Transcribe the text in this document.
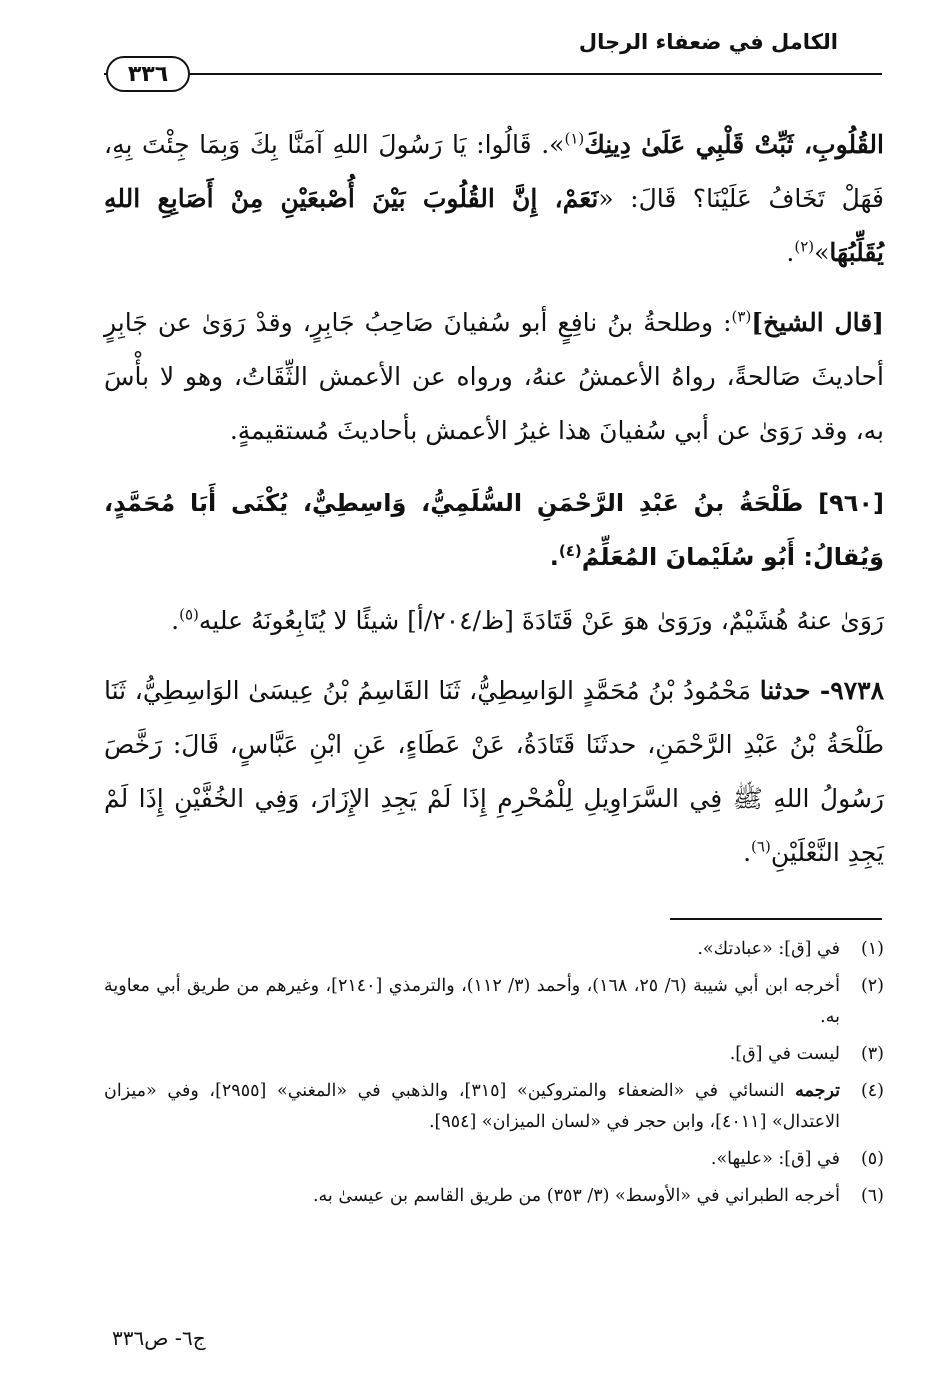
الكامل في ضعفاء الرجال
٣٣٦

القُلُوبِ، ثَبِّتْ قَلْبِي عَلَىٰ دِينِكَ$^{(١)}$». قَالُوا: يَا رَسُولَ اللهِ آمَنَّا بِكَ وَبِمَا جِئْتَ بِهِ، فَهَلْ تَخَافُ عَلَيْنَا؟ قَالَ: «نَعَمْ، إِنَّ القُلُوبَ بَيْنَ أُصْبعَيْنِ مِنْ أَصَابِعِ اللهِ يُقَلِّبُهَا»$^{(٢)}$.

[قال الشيخ]$^{(٣)}$: وطلحةُ بنُ نافِعٍ أبو سُفيانَ صَاحِبُ جَابِرٍ، وقدْ رَوَىٰ عن جَابِرٍ أحاديثَ صَالحةً، رواهُ الأعمشُ عنهُ، ورواه عن الأعمش الثِّقَاتُ، وهو لا بأْسَ به، وقد رَوَىٰ عن أبي سُفيانَ هذا غيرُ الأعمش بأحاديثَ مُستقيمةٍ.

[٩٦٠] طَلْحَةُ بنُ عَبْدِ الرَّحْمَنِ السُّلَمِيُّ، وَاسِطِيٌّ، يُكْنَى أَبَا مُحَمَّدٍ، وَيُقالُ: أَبُو سُلَيْمانَ المُعَلِّمُ$^{(٤)}$.

رَوَىٰ عنهُ هُشَيْمٌ، ورَوَىٰ هوَ عَنْ قَتَادَةَ [ظ/٢٠٤/أ] شيئًا لا يُتَابِعُونَهُ عليه$^{(٥)}$.

٩٧٣٨- حدثنا مَحْمُودُ بْنُ مُحَمَّدٍ الوَاسِطِيُّ، ثَنَا القَاسِمُ بْنُ عِيسَىٰ الوَاسِطِيُّ، ثَنَا طَلْحَةُ بْنُ عَبْدِ الرَّحْمَنِ، حدثَنَا قَتَادَةُ، عَنْ عَطَاءٍ، عَنِ ابْنِ عَبَّاسٍ، قَالَ: رَخَّصَ رَسُولُ اللهِ ﷺ فِي السَّرَاوِيلِ لِلْمُحْرِمِ إِذَا لَمْ يَجِدِ الإِزَارَ، وَفِي الخُفَّيْنِ إِذَا لَمْ يَجِدِ النَّعْلَيْنِ$^{(٦)}$.

(١)
في [ق]: «عبادتك».
(٢)
أخرجه ابن أبي شيبة (٦/ ٢٥، ١٦٨)، وأحمد (٣/ ١١٢)، والترمذي [٢١٤٠]، وغيرهم من طريق أبي معاوية به.
(٣)
ليست في [ق].
(٤)
ترجمه النسائي في «الضعفاء والمتروكين» [٣١٥]، والذهبي في «المغني» [٢٩٥٥]، وفي «ميزان الاعتدال» [٤٠١١]، وابن حجر في «لسان الميزان» [٩٥٤].
(٥)
في [ق]: «عليها».
(٦)
أخرجه الطبراني في «الأوسط» (٣/ ٣٥٣) من طريق القاسم بن عيسىٰ به.
ج٦- ص٣٣٦
